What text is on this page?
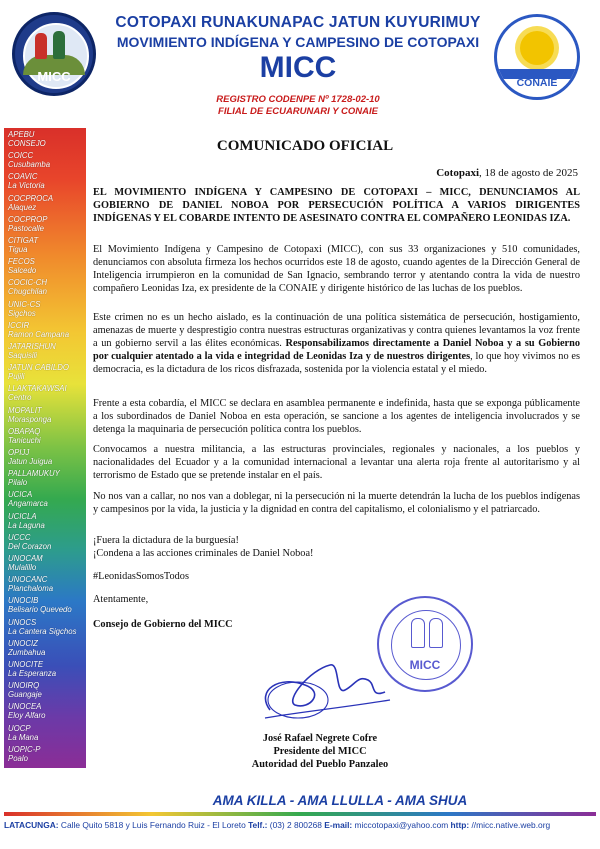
MICC
COTOPAXI RUNAKUNAPAC JATUN KUYURIMUY
MOVIMIENTO INDÍGENA Y CAMPESINO DE COTOPAXI
MICC
REGISTRO CODENPE Nº 1728-02-10
FILIAL DE ECUARUNARI Y CONAIE
CONAIE
APEBU
CONSEJO
COICC
Cusubamba
COAVIC
La Victoria
COCPROCA
Alaquez
COCPROP
Pastocalle
CITIGAT
Tigua
FECOS
Salcedo
COCIC-CH
Chugchilan
UNIC-CS
Sigchos
ICCIR
Ramon Campana
JATARISHUN
Saquisili
JATUN CABILDO
Pujili
LLAKTAKAWSAI
Centro
MOPALIT
Morasponga
OBAPAQ
Tanicuchi
OPIJJ
Jatun Juigua
PALLAMUKUY
Pilalo
UCICA
Angamarca
UCICLA
La Laguna
UCCC
Del Corazon
UNOCAM
Mulalillo
UNOCANC
Planchaloma
UNOCIB
Belisario Quevedo
UNOCS
La Cantera Sigchos
UNOCIZ
Zumbahua
UNOCITE
La Esperanza
UNOIRQ
Guangaje
UNOCEA
Eloy Alfaro
UOCP
La Mana
UOPIC-P
Poalo
COMUNICADO OFICIAL
Cotopaxi, 18 de agosto de 2025
EL MOVIMIENTO INDÍGENA Y CAMPESINO DE COTOPAXI – MICC, DENUNCIAMOS AL GOBIERNO DE DANIEL NOBOA POR PERSECUCIÓN POLÍTICA A VARIOS DIRIGENTES INDÍGENAS Y EL COBARDE INTENTO DE ASESINATO CONTRA EL COMPAÑERO LEONIDAS IZA.
El Movimiento Indígena y Campesino de Cotopaxi (MICC), con sus 33 organizaciones y 510 comunidades, denunciamos con absoluta firmeza los hechos ocurridos este 18 de agosto, cuando agentes de la Dirección General de Inteligencia irrumpieron en la comunidad de San Ignacio, sembrando terror y atentando contra la vida de nuestro compañero Leonidas Iza, ex presidente de la CONAIE y dirigente histórico de las luchas de los pueblos.
Este crimen no es un hecho aislado, es la continuación de una política sistemática de persecución, hostigamiento, amenazas de muerte y desprestigio contra nuestras estructuras organizativas y contra quienes levantamos la voz frente a un gobierno servil a las élites económicas. Responsabilizamos directamente a Daniel Noboa y a su Gobierno por cualquier atentado a la vida e integridad de Leonidas Iza y de nuestros dirigentes, lo que hoy vivimos no es democracia, es la dictadura de los ricos disfrazada, sostenida por la violencia estatal y el miedo.
Frente a esta cobardía, el MICC se declara en asamblea permanente e indefinida, hasta que se exponga públicamente a los subordinados de Daniel Noboa en esta operación, se sancione a los agentes de inteligencia involucrados y se detenga la maquinaria de persecución política contra los pueblos.
Convocamos a nuestra militancia, a las estructuras provinciales, regionales y nacionales, a los pueblos y nacionalidades del Ecuador y a la comunidad internacional a levantar una alerta roja frente al autoritarismo y al terrorismo de Estado que se pretende instalar en el país.
No nos van a callar, no nos van a doblegar, ni la persecución ni la muerte detendrán la lucha de los pueblos indígenas y campesinos por la vida, la justicia y la dignidad en contra del capitalismo, el colonialismo y el patriarcado.
¡Fuera la dictadura de la burguesía!
¡Condena a las acciones criminales de Daniel Noboa!
#LeonidasSomosTodos
Atentamente,
Consejo de Gobierno del MICC
MICC
José Rafael Negrete Cofre
Presidente del MICC
Autoridad del Pueblo Panzaleo
AMA KILLA - AMA LLULLA - AMA SHUA
LATACUNGA: Calle Quito 5818 y Luis Fernando Ruiz - El Loreto Telf.: (03) 2 800268 E-mail: miccotopaxi@yahoo.com http: //micc.native.web.org
